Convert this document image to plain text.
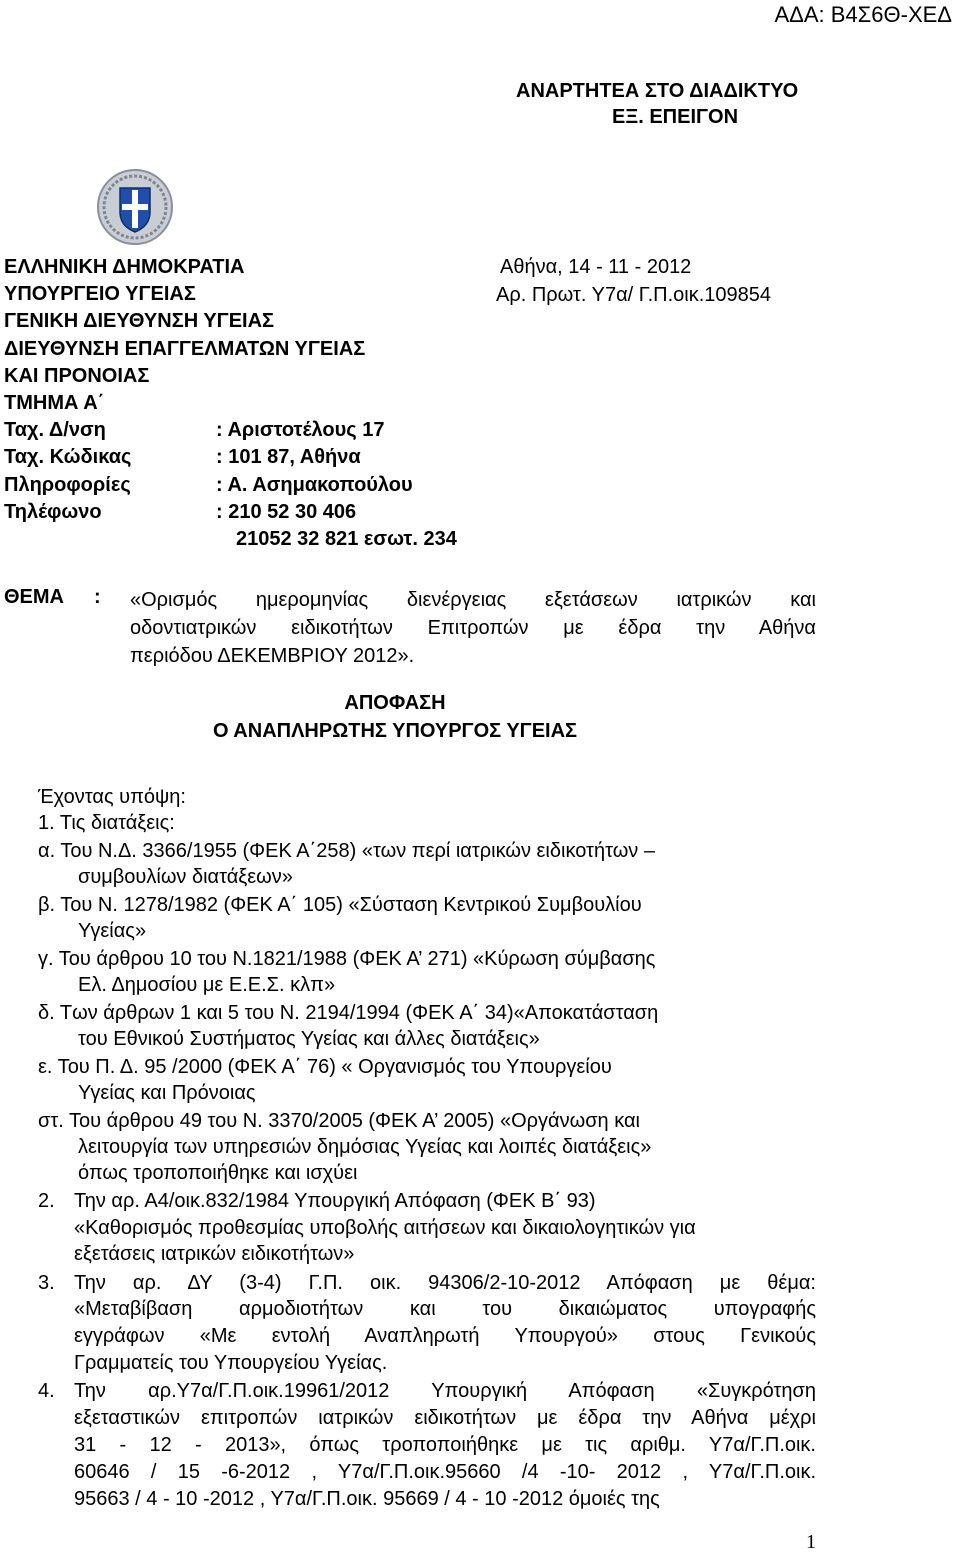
ΑΔΑ: Β4Σ6Θ-ΧΕΔ
ΑΝΑΡΤΗΤΕΑ ΣΤΟ ΔΙΑΔΙΚΤΥΟ
ΕΞ. ΕΠΕΙΓΟΝ
ΕΛΛΗΝΙΚΗ ΔΗΜΟΚΡΑΤΙΑ
ΥΠΟΥΡΓΕΙΟ ΥΓΕΙΑΣ
ΓΕΝΙΚΗ ΔΙΕΥΘΥΝΣΗ ΥΓΕΙΑΣ
ΔΙΕΥΘΥΝΣΗ ΕΠΑΓΓΕΛΜΑΤΩΝ ΥΓΕΙΑΣ
ΚΑΙ ΠΡΟΝΟΙΑΣ
ΤΜΗΜΑ Α΄
Ταχ. Δ/νση	: Αριστοτέλους 17
Ταχ. Κώδικας	: 101 87, Αθήνα
Πληροφορίες	: Α. Ασημακοπούλου
Τηλέφωνο	: 210 52 30 406
21052 32 821 εσωτ. 234
Αθήνα, 14 - 11 - 2012
Αρ. Πρωτ. Υ7α/ Γ.Π.οικ.109854
ΘΕΜΑ : «Ορισμός ημερομηνίας διενέργειας εξετάσεων ιατρικών και

οδοντιατρικών ειδικοτήτων Επιτροπών με έδρα την Αθήνα

περιόδου ΔΕΚΕΜΒΡΙΟΥ 2012».

ΑΠΟΦΑΣΗ
Ο ΑΝΑΠΛΗΡΩΤΗΣ ΥΠΟΥΡΓΟΣ ΥΓΕΙΑΣ
Έχοντας υπόψη:
1. Τις διατάξεις:
α. Του Ν.Δ. 3366/1955 (ΦΕΚ Α΄258) «των περί ιατρικών ειδικοτήτων –
συμβουλίων διατάξεων»
β. Του Ν. 1278/1982 (ΦΕΚ Α΄ 105) «Σύσταση Κεντρικού Συμβουλίου
Υγείας»
γ. Του άρθρου 10 του Ν.1821/1988 (ΦΕΚ Α’ 271) «Κύρωση σύμβασης
Ελ. Δημοσίου με Ε.Ε.Σ. κλπ»
δ. Των άρθρων 1 και 5 του Ν. 2194/1994 (ΦΕΚ Α΄ 34)«Αποκατάσταση
του Εθνικού Συστήματος Υγείας και άλλες διατάξεις»
ε. Του Π. Δ. 95 /2000 (ΦΕΚ Α΄ 76) « Οργανισμός του Υπουργείου
Υγείας και Πρόνοιας
στ. Του άρθρου 49 του Ν. 3370/2005 (ΦΕΚ Α’ 2005) «Οργάνωση και
λειτουργία των υπηρεσιών δημόσιας Υγείας και λοιπές διατάξεις»
όπως τροποποιήθηκε και ισχύει
2. Την αρ. Α4/οικ.832/1984 Υπουργική Απόφαση (ΦΕΚ Β΄ 93)
«Καθορισμός προθεσμίας υποβολής αιτήσεων και δικαιολογητικών για
εξετάσεις ιατρικών ειδικοτήτων»
3. Την αρ. ΔΥ (3-4) Γ.Π. οικ. 94306/2-10-2012 Απόφαση με θέμα:
«Μεταβίβαση αρμοδιοτήτων και του δικαιώματος υπογραφής
εγγράφων «Με εντολή Αναπληρωτή Υπουργού» στους Γενικούς
Γραμματείς του Υπουργείου Υγείας.
4. Την αρ.Υ7α/Γ.Π.οικ.19961/2012 Υπουργική Απόφαση «Συγκρότηση
εξεταστικών επιτροπών ιατρικών ειδικοτήτων με έδρα την Αθήνα μέχρι
31 - 12 - 2013», όπως τροποποιήθηκε με τις αριθμ. Υ7α/Γ.Π.οικ.
60646 / 15 -6-2012 , Υ7α/Γ.Π.οικ.95660 /4 -10- 2012 , Υ7α/Γ.Π.οικ.
95663 / 4 - 10 -2012 , Υ7α/Γ.Π.οικ. 95669 / 4 - 10 -2012 όμοιές της
1
